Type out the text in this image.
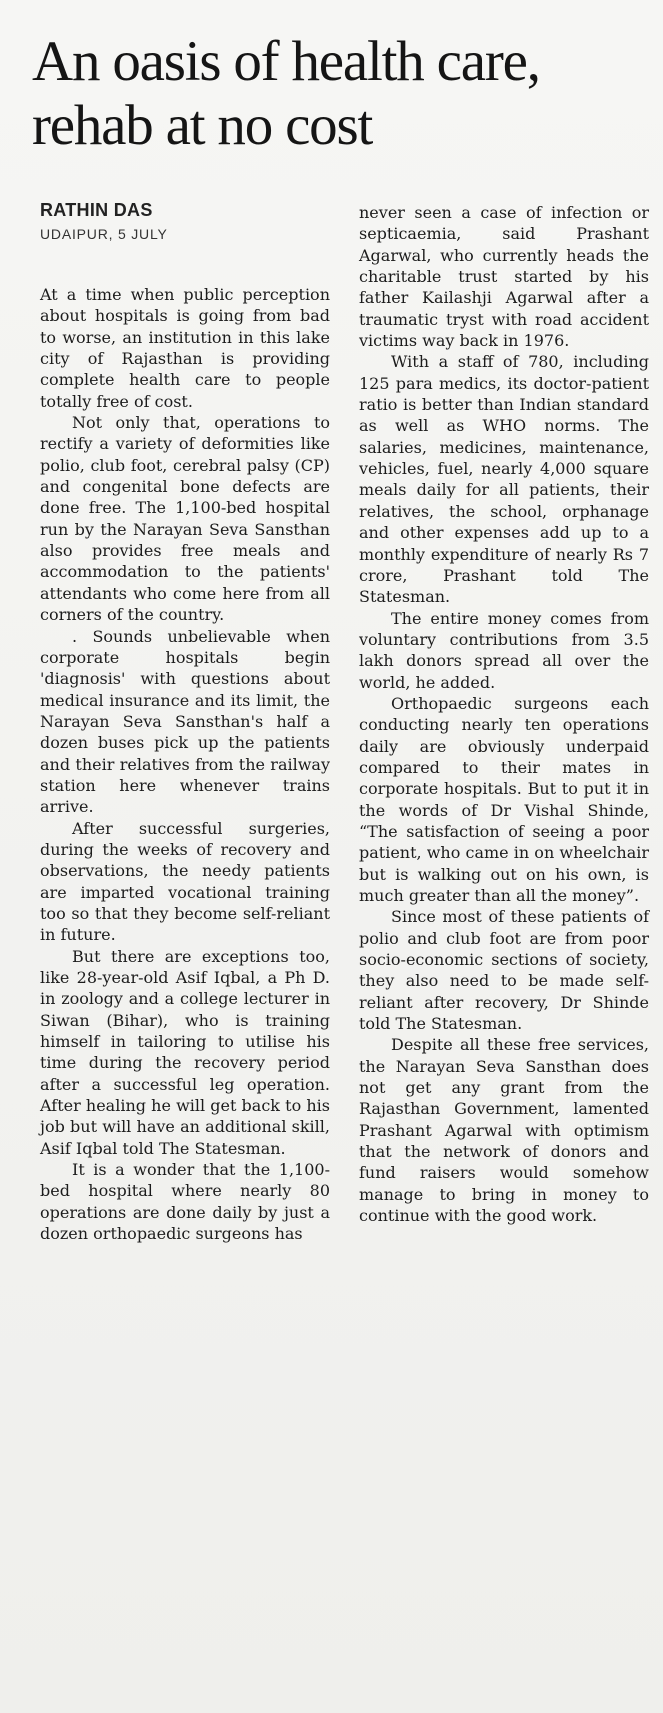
An oasis of health care, rehab at no cost
RATHIN DAS
UDAIPUR, 5 JULY

At a time when public perception about hospitals is going from bad to worse, an institution in this lake city of Rajasthan is providing complete health care to people totally free of cost.

Not only that, operations to rectify a variety of deformities like polio, club foot, cerebral palsy (CP) and congenital bone defects are done free. The 1,100-bed hospital run by the Narayan Seva Sansthan also provides free meals and accommodation to the patients' attendants who come here from all corners of the country.

. Sounds unbelievable when corporate hospitals begin 'diagnosis' with questions about medical insurance and its limit, the Narayan Seva Sansthan's half a dozen buses pick up the patients and their relatives from the railway station here whenever trains arrive.

After successful surgeries, during the weeks of recovery and observations, the needy patients are imparted vocational training too so that they become self-reliant in future.

But there are exceptions too, like 28-year-old Asif Iqbal, a Ph D. in zoology and a college lecturer in Siwan (Bihar), who is training himself in tailoring to utilise his time during the recovery period after a successful leg operation. After healing he will get back to his job but will have an additional skill, Asif Iqbal told The Statesman.

It is a wonder that the 1,100-bed hospital where nearly 80 operations are done daily by just a dozen orthopaedic surgeons has

never seen a case of infection or septicaemia, said Prashant Agarwal, who currently heads the charitable trust started by his father Kailashji Agarwal after a traumatic tryst with road accident victims way back in 1976.

With a staff of 780, including 125 para medics, its doctor-patient ratio is better than Indian standard as well as WHO norms. The salaries, medicines, maintenance, vehicles, fuel, nearly 4,000 square meals daily for all patients, their relatives, the school, orphanage and other expenses add up to a monthly expenditure of nearly Rs 7 crore, Prashant told The Statesman.

The entire money comes from voluntary contributions from 3.5 lakh donors spread all over the world, he added.

Orthopaedic surgeons each conducting nearly ten operations daily are obviously underpaid compared to their mates in corporate hospitals. But to put it in the words of Dr Vishal Shinde, “The satisfaction of seeing a poor patient, who came in on wheelchair but is walking out on his own, is much greater than all the money”.

Since most of these patients of polio and club foot are from poor socio-economic sections of society, they also need to be made self-reliant after recovery, Dr Shinde told The Statesman.

Despite all these free services, the Narayan Seva Sansthan does not get any grant from the Rajasthan Government, lamented Prashant Agarwal with optimism that the network of donors and fund raisers would somehow manage to bring in money to continue with the good work.
